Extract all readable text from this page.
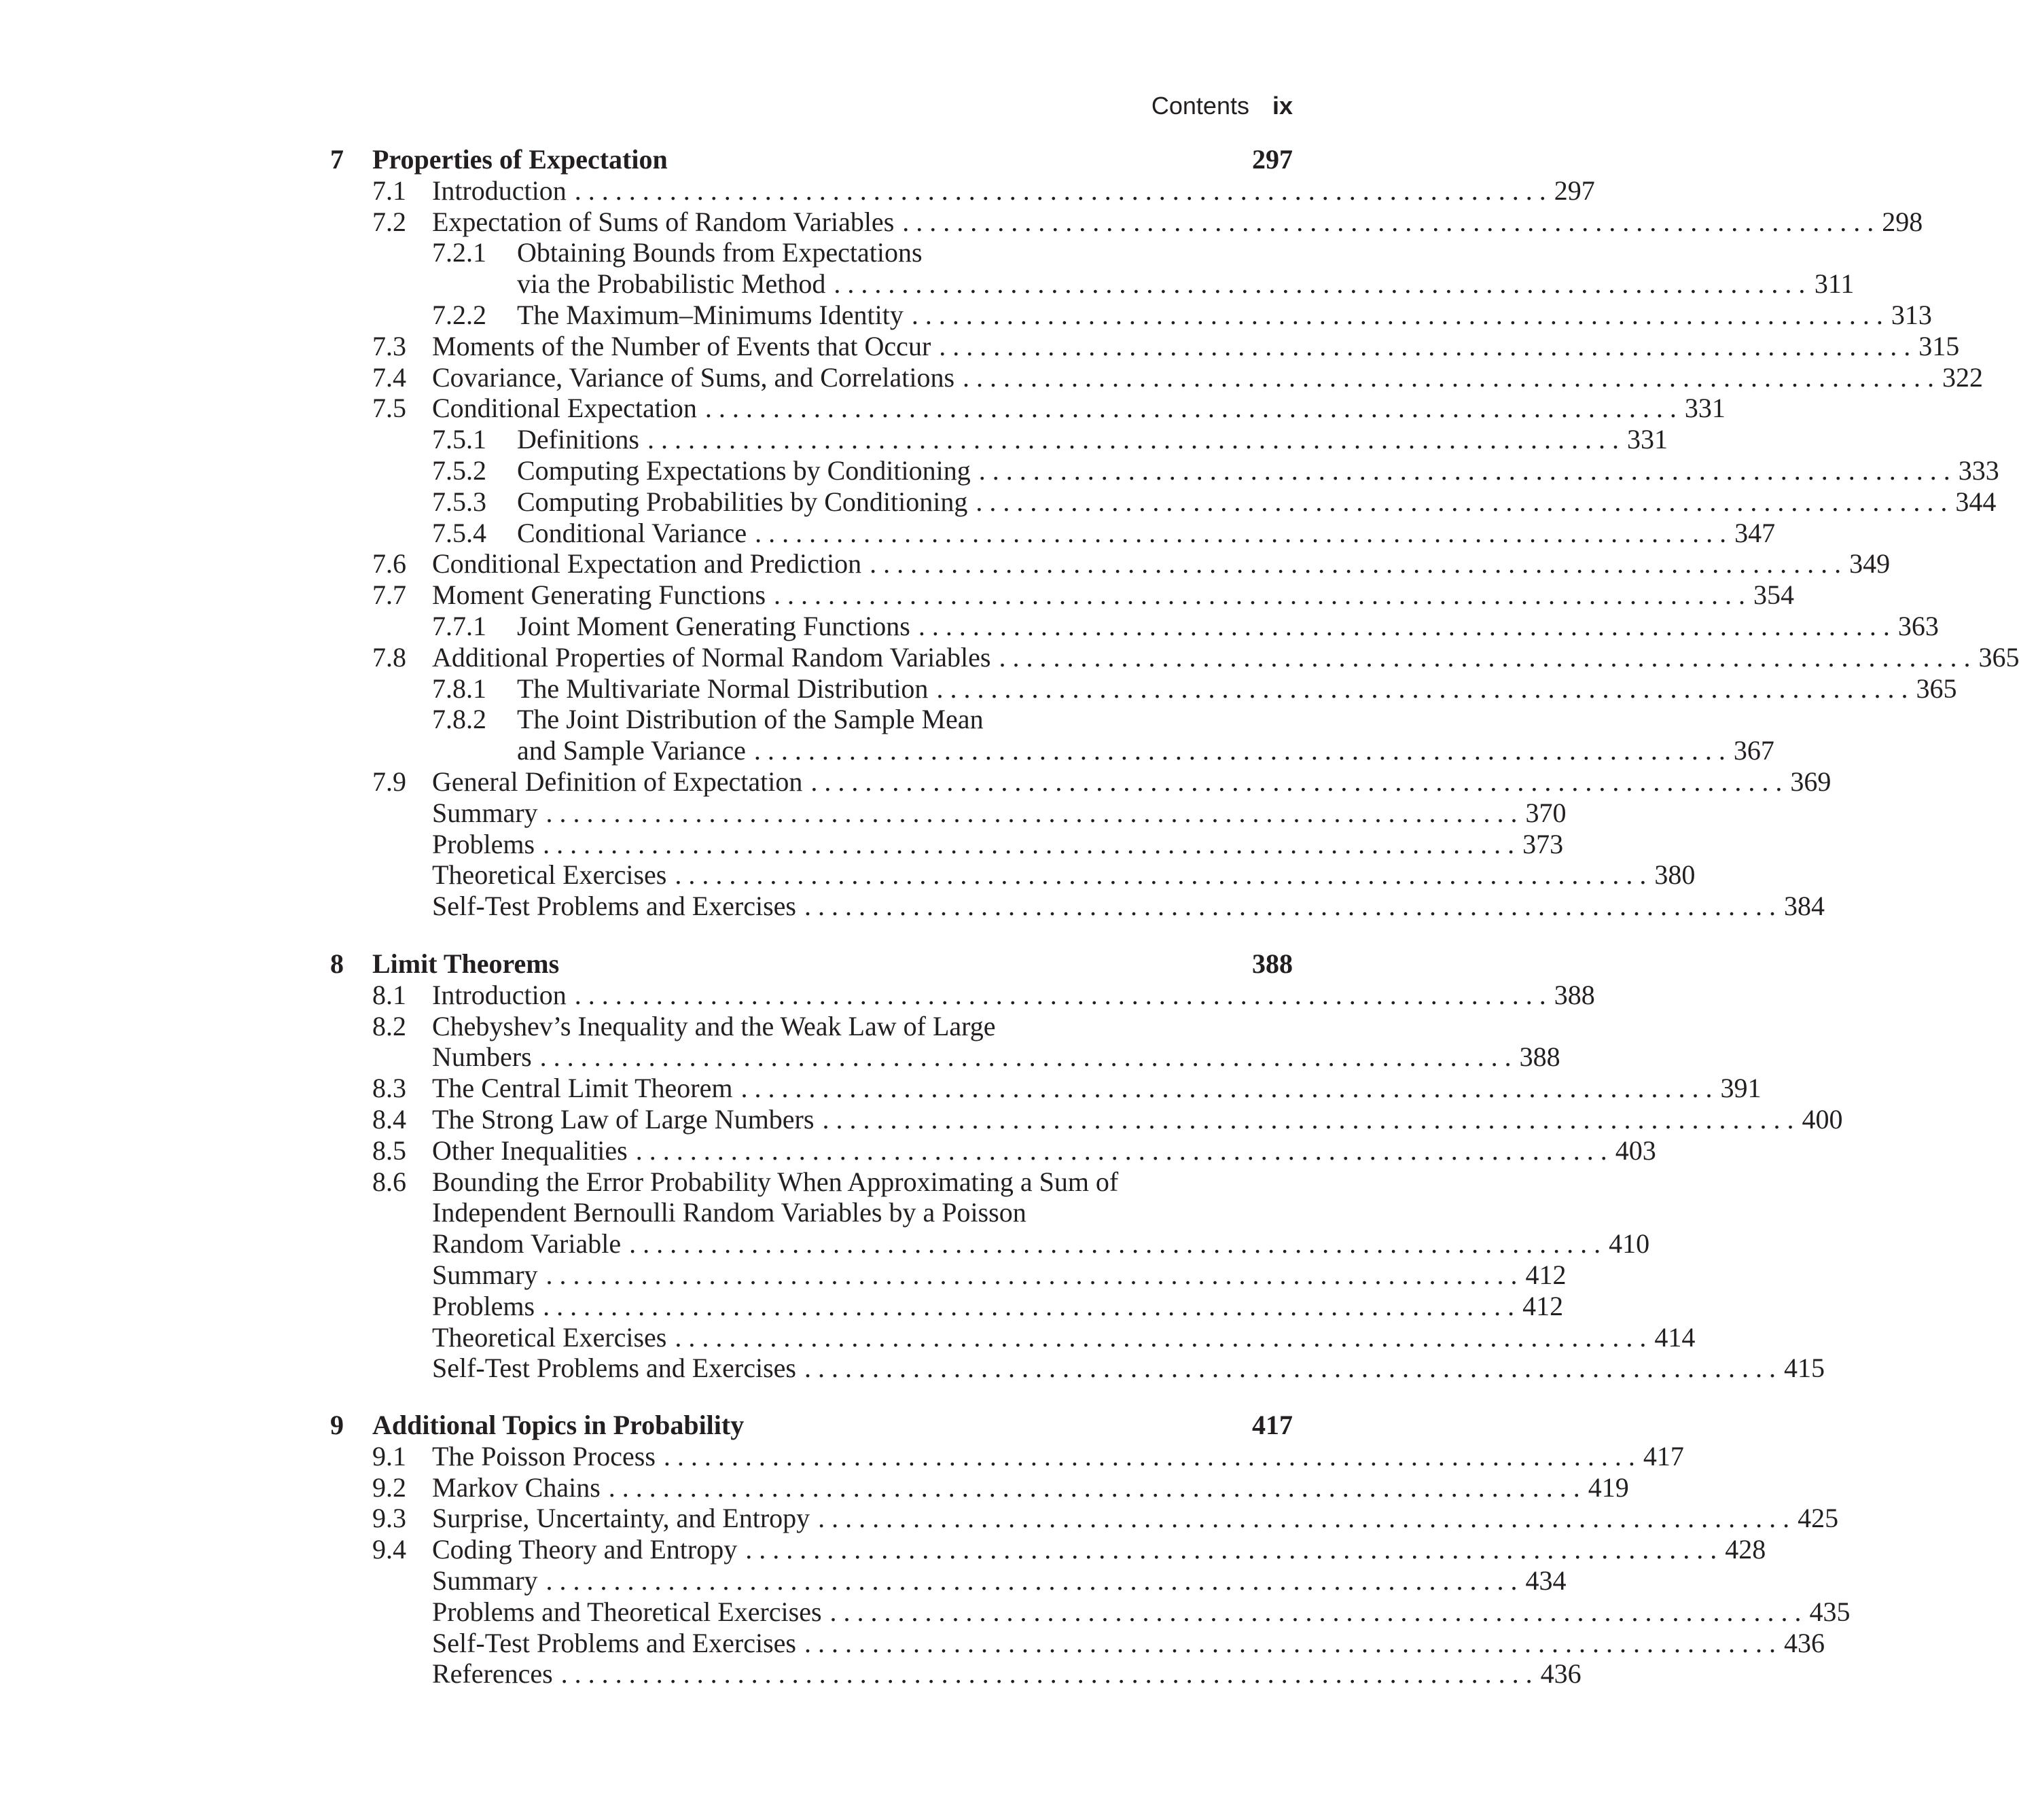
Contents ix
7 Properties of Expectation	297
7.1 Introduction . . . . . . . . . . . . . . . . . . . . . . . . . . . . . . . . . . . . . . . . . . . . . . . . . . . . . . . . . . . . . . . . . . . . . . . . 297
7.2 Expectation of Sums of Random Variables . . . . . . . . . . . . . . . . . . . . . . . . . . . . . . . . . . . . . . . . . . . . . . . . . . . . . . . . . . . . . . . . . . . . . . . . 298
7.2.1 Obtaining Bounds from Expectations
via the Probabilistic Method . . . . . . . . . . . . . . . . . . . . . . . . . . . . . . . . . . . . . . . . . . . . . . . . . . . . . . . . . . . . . . . . . . . . . . . . 311
7.2.2 The Maximum–Minimums Identity . . . . . . . . . . . . . . . . . . . . . . . . . . . . . . . . . . . . . . . . . . . . . . . . . . . . . . . . . . . . . . . . . . . . . . . . 313
7.3 Moments of the Number of Events that Occur . . . . . . . . . . . . . . . . . . . . . . . . . . . . . . . . . . . . . . . . . . . . . . . . . . . . . . . . . . . . . . . . . . . . . . . . 315
7.4 Covariance, Variance of Sums, and Correlations . . . . . . . . . . . . . . . . . . . . . . . . . . . . . . . . . . . . . . . . . . . . . . . . . . . . . . . . . . . . . . . . . . . . . . . . 322
7.5 Conditional Expectation . . . . . . . . . . . . . . . . . . . . . . . . . . . . . . . . . . . . . . . . . . . . . . . . . . . . . . . . . . . . . . . . . . . . . . . . 331
7.5.1 Definitions . . . . . . . . . . . . . . . . . . . . . . . . . . . . . . . . . . . . . . . . . . . . . . . . . . . . . . . . . . . . . . . . . . . . . . . . 331
7.5.2 Computing Expectations by Conditioning . . . . . . . . . . . . . . . . . . . . . . . . . . . . . . . . . . . . . . . . . . . . . . . . . . . . . . . . . . . . . . . . . . . . . . . . 333
7.5.3 Computing Probabilities by Conditioning . . . . . . . . . . . . . . . . . . . . . . . . . . . . . . . . . . . . . . . . . . . . . . . . . . . . . . . . . . . . . . . . . . . . . . . . 344
7.5.4 Conditional Variance . . . . . . . . . . . . . . . . . . . . . . . . . . . . . . . . . . . . . . . . . . . . . . . . . . . . . . . . . . . . . . . . . . . . . . . . 347
7.6 Conditional Expectation and Prediction . . . . . . . . . . . . . . . . . . . . . . . . . . . . . . . . . . . . . . . . . . . . . . . . . . . . . . . . . . . . . . . . . . . . . . . . 349
7.7 Moment Generating Functions . . . . . . . . . . . . . . . . . . . . . . . . . . . . . . . . . . . . . . . . . . . . . . . . . . . . . . . . . . . . . . . . . . . . . . . . 354
7.7.1 Joint Moment Generating Functions . . . . . . . . . . . . . . . . . . . . . . . . . . . . . . . . . . . . . . . . . . . . . . . . . . . . . . . . . . . . . . . . . . . . . . . . 363
7.8 Additional Properties of Normal Random Variables . . . . . . . . . . . . . . . . . . . . . . . . . . . . . . . . . . . . . . . . . . . . . . . . . . . . . . . . . . . . . . . . . . . . . . . . 365
7.8.1 The Multivariate Normal Distribution . . . . . . . . . . . . . . . . . . . . . . . . . . . . . . . . . . . . . . . . . . . . . . . . . . . . . . . . . . . . . . . . . . . . . . . . 365
7.8.2 The Joint Distribution of the Sample Mean
and Sample Variance . . . . . . . . . . . . . . . . . . . . . . . . . . . . . . . . . . . . . . . . . . . . . . . . . . . . . . . . . . . . . . . . . . . . . . . . 367
7.9 General Definition of Expectation . . . . . . . . . . . . . . . . . . . . . . . . . . . . . . . . . . . . . . . . . . . . . . . . . . . . . . . . . . . . . . . . . . . . . . . . 369
Summary . . . . . . . . . . . . . . . . . . . . . . . . . . . . . . . . . . . . . . . . . . . . . . . . . . . . . . . . . . . . . . . . . . . . . . . . 370
Problems . . . . . . . . . . . . . . . . . . . . . . . . . . . . . . . . . . . . . . . . . . . . . . . . . . . . . . . . . . . . . . . . . . . . . . . . 373
Theoretical Exercises . . . . . . . . . . . . . . . . . . . . . . . . . . . . . . . . . . . . . . . . . . . . . . . . . . . . . . . . . . . . . . . . . . . . . . . . 380
Self-Test Problems and Exercises . . . . . . . . . . . . . . . . . . . . . . . . . . . . . . . . . . . . . . . . . . . . . . . . . . . . . . . . . . . . . . . . . . . . . . . . 384
8 Limit Theorems	388
8.1 Introduction . . . . . . . . . . . . . . . . . . . . . . . . . . . . . . . . . . . . . . . . . . . . . . . . . . . . . . . . . . . . . . . . . . . . . . . . 388
8.2 Chebyshev’s Inequality and the Weak Law of Large
Numbers . . . . . . . . . . . . . . . . . . . . . . . . . . . . . . . . . . . . . . . . . . . . . . . . . . . . . . . . . . . . . . . . . . . . . . . . 388
8.3 The Central Limit Theorem . . . . . . . . . . . . . . . . . . . . . . . . . . . . . . . . . . . . . . . . . . . . . . . . . . . . . . . . . . . . . . . . . . . . . . . . 391
8.4 The Strong Law of Large Numbers . . . . . . . . . . . . . . . . . . . . . . . . . . . . . . . . . . . . . . . . . . . . . . . . . . . . . . . . . . . . . . . . . . . . . . . . 400
8.5 Other Inequalities . . . . . . . . . . . . . . . . . . . . . . . . . . . . . . . . . . . . . . . . . . . . . . . . . . . . . . . . . . . . . . . . . . . . . . . . 403
8.6 Bounding the Error Probability When Approximating a Sum of
Independent Bernoulli Random Variables by a Poisson
Random Variable . . . . . . . . . . . . . . . . . . . . . . . . . . . . . . . . . . . . . . . . . . . . . . . . . . . . . . . . . . . . . . . . . . . . . . . . 410
Summary . . . . . . . . . . . . . . . . . . . . . . . . . . . . . . . . . . . . . . . . . . . . . . . . . . . . . . . . . . . . . . . . . . . . . . . . 412
Problems . . . . . . . . . . . . . . . . . . . . . . . . . . . . . . . . . . . . . . . . . . . . . . . . . . . . . . . . . . . . . . . . . . . . . . . . 412
Theoretical Exercises . . . . . . . . . . . . . . . . . . . . . . . . . . . . . . . . . . . . . . . . . . . . . . . . . . . . . . . . . . . . . . . . . . . . . . . . 414
Self-Test Problems and Exercises . . . . . . . . . . . . . . . . . . . . . . . . . . . . . . . . . . . . . . . . . . . . . . . . . . . . . . . . . . . . . . . . . . . . . . . . 415
9 Additional Topics in Probability	417
9.1 The Poisson Process . . . . . . . . . . . . . . . . . . . . . . . . . . . . . . . . . . . . . . . . . . . . . . . . . . . . . . . . . . . . . . . . . . . . . . . . 417
9.2 Markov Chains . . . . . . . . . . . . . . . . . . . . . . . . . . . . . . . . . . . . . . . . . . . . . . . . . . . . . . . . . . . . . . . . . . . . . . . . 419
9.3 Surprise, Uncertainty, and Entropy . . . . . . . . . . . . . . . . . . . . . . . . . . . . . . . . . . . . . . . . . . . . . . . . . . . . . . . . . . . . . . . . . . . . . . . . 425
9.4 Coding Theory and Entropy . . . . . . . . . . . . . . . . . . . . . . . . . . . . . . . . . . . . . . . . . . . . . . . . . . . . . . . . . . . . . . . . . . . . . . . . 428
Summary . . . . . . . . . . . . . . . . . . . . . . . . . . . . . . . . . . . . . . . . . . . . . . . . . . . . . . . . . . . . . . . . . . . . . . . . 434
Problems and Theoretical Exercises . . . . . . . . . . . . . . . . . . . . . . . . . . . . . . . . . . . . . . . . . . . . . . . . . . . . . . . . . . . . . . . . . . . . . . . . 435
Self-Test Problems and Exercises . . . . . . . . . . . . . . . . . . . . . . . . . . . . . . . . . . . . . . . . . . . . . . . . . . . . . . . . . . . . . . . . . . . . . . . . 436
References . . . . . . . . . . . . . . . . . . . . . . . . . . . . . . . . . . . . . . . . . . . . . . . . . . . . . . . . . . . . . . . . . . . . . . . . 436
